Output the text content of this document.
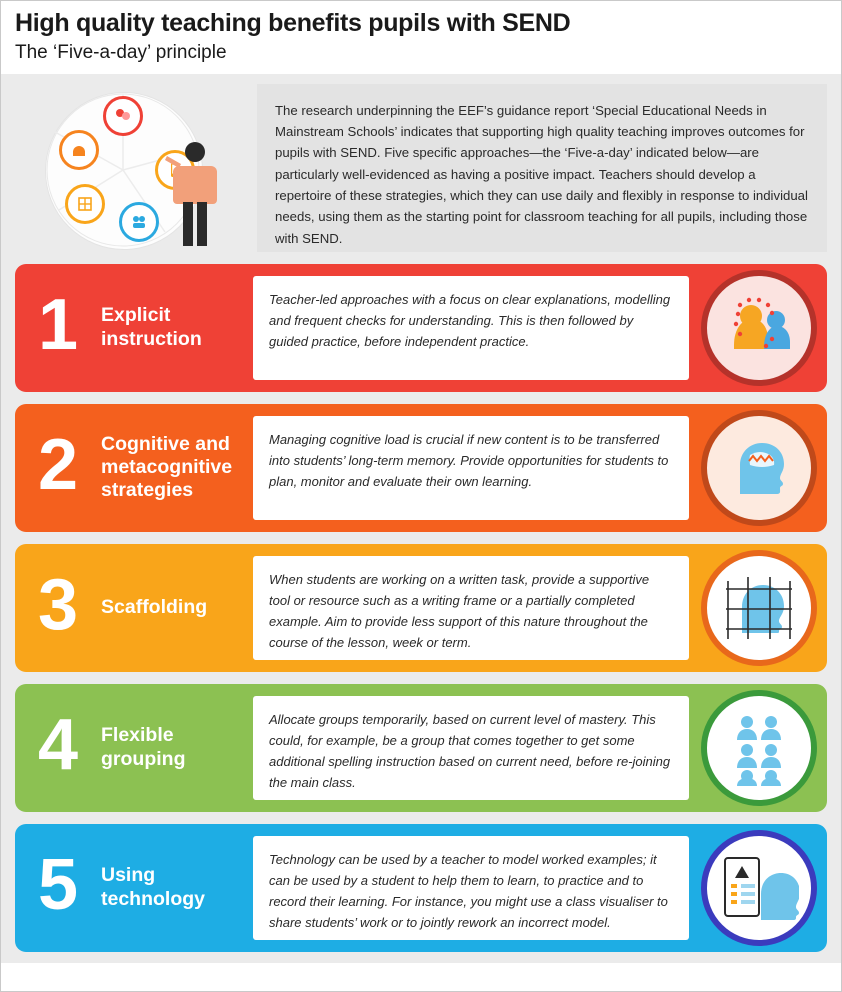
High quality teaching benefits pupils with SEND
The ‘Five-a-day’ principle
The research underpinning the EEF’s guidance report ‘Special Educational Needs in Mainstream Schools’ indicates that supporting high quality teaching improves outcomes for pupils with SEND. Five specific approaches—the ‘Five-a-day’ indicated below—are particularly well-evidenced as having a positive impact. Teachers should develop a repertoire of these strategies, which they can use daily and flexibly in response to individual needs, using them as the starting point for classroom teaching for all pupils, including those with SEND.
1	Explicit instruction
Teacher-led approaches with a focus on clear explanations, modelling and frequent checks for understanding. This is then followed by guided practice, before independent practice.
2	Cognitive and metacognitive strategies
Managing cognitive load is crucial if new content is to be transferred into students’ long-term memory. Provide opportunities for students to plan, monitor and evaluate their own learning.
3	Scaffolding
When students are working on a written task, provide a supportive tool or resource such as a writing frame or a partially completed example. Aim to provide less support of this nature throughout the course of the lesson, week or term.
4	Flexible grouping
Allocate groups temporarily, based on current level of mastery. This could, for example, be a group that comes together to get some additional spelling instruction based on current need, before re-joining the main class.
5	Using technology
Technology can be used by a teacher to model worked examples; it can be used by a student to help them to learn, to practice and to record their learning. For instance, you might use a class visualiser to share students’ work or to jointly rework an incorrect model.
